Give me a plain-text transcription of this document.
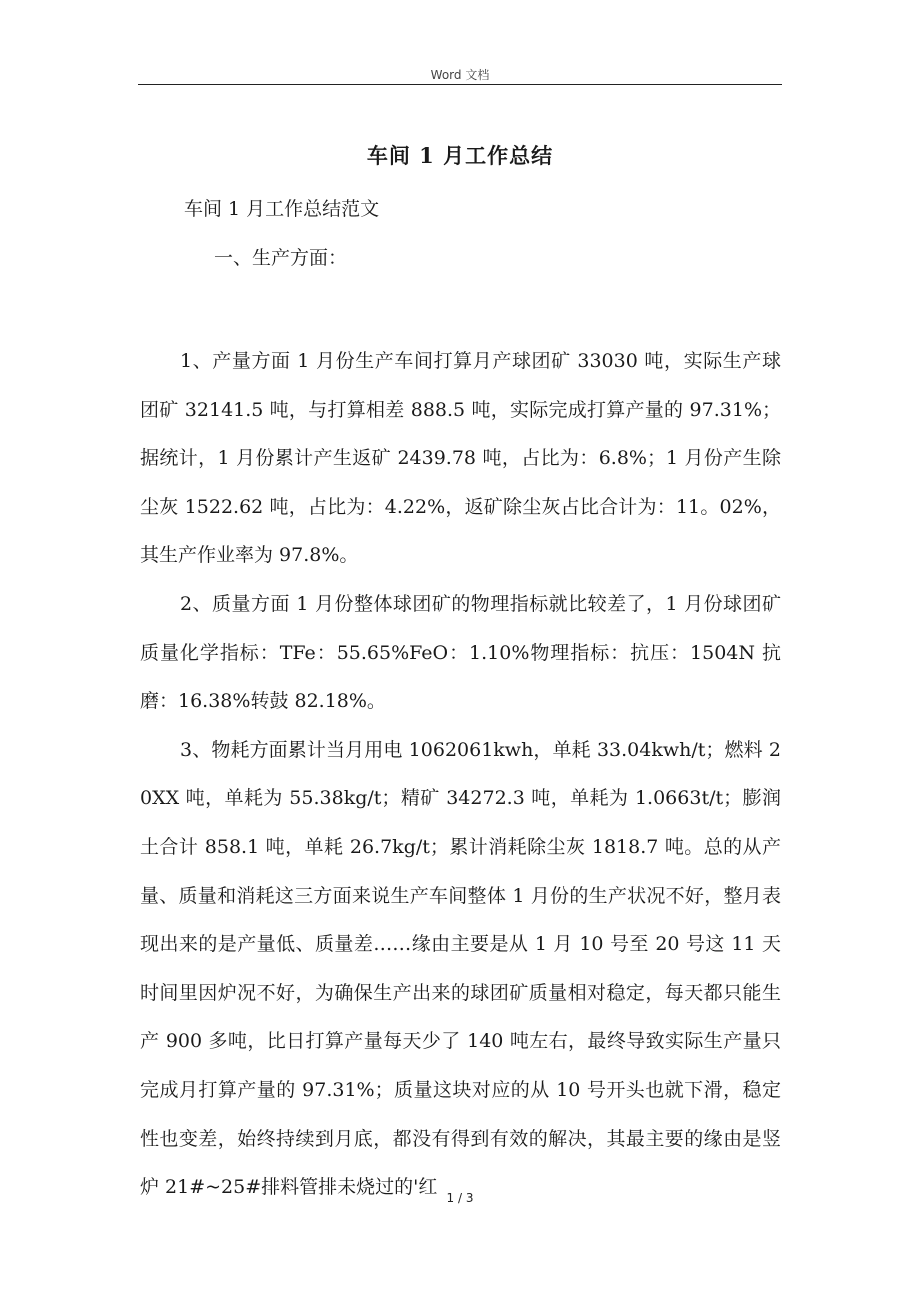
Word 文档
车间 1 月工作总结
车间 1 月工作总结范文
一、生产方面：

1、产量方面 1 月份生产车间打算月产球团矿 33030 吨，实际生产球团矿 32141.5 吨，与打算相差 888.5 吨，实际完成打算产量的 97.31%；据统计，1 月份累计产生返矿 2439.78 吨，占比为：6.8%；1 月份产生除尘灰 1522.62 吨，占比为：4.22%，返矿除尘灰占比合计为：11。02%，其生产作业率为 97.8%。

2、质量方面 1 月份整体球团矿的物理指标就比较差了，1 月份球团矿质量化学指标：TFe：55.65%FeO：1.10%物理指标：抗压：1504N 抗磨：16.38%转鼓 82.18%。

3、物耗方面累计当月用电 1062061kwh，单耗 33.04kwh/t；燃料 20XX 吨，单耗为 55.38kg/t；精矿 34272.3 吨，单耗为 1.0663t/t；膨润土合计 858.1 吨，单耗 26.7kg/t；累计消耗除尘灰 1818.7 吨。总的从产量、质量和消耗这三方面来说生产车间整体 1 月份的生产状况不好，整月表现出来的是产量低、质量差……缘由主要是从 1 月 10 号至 20 号这 11 天时间里因炉况不好，为确保生产出来的球团矿质量相对稳定，每天都只能生产 900 多吨，比日打算产量每天少了 140 吨左右，最终导致实际生产量只完成月打算产量的 97.31%；质量这块对应的从 10 号开头也就下滑，稳定性也变差，始终持续到月底，都没有得到有效的解决，其最主要的缘由是竖炉 21#~25#排料管排未烧过的'红 1 / 3
